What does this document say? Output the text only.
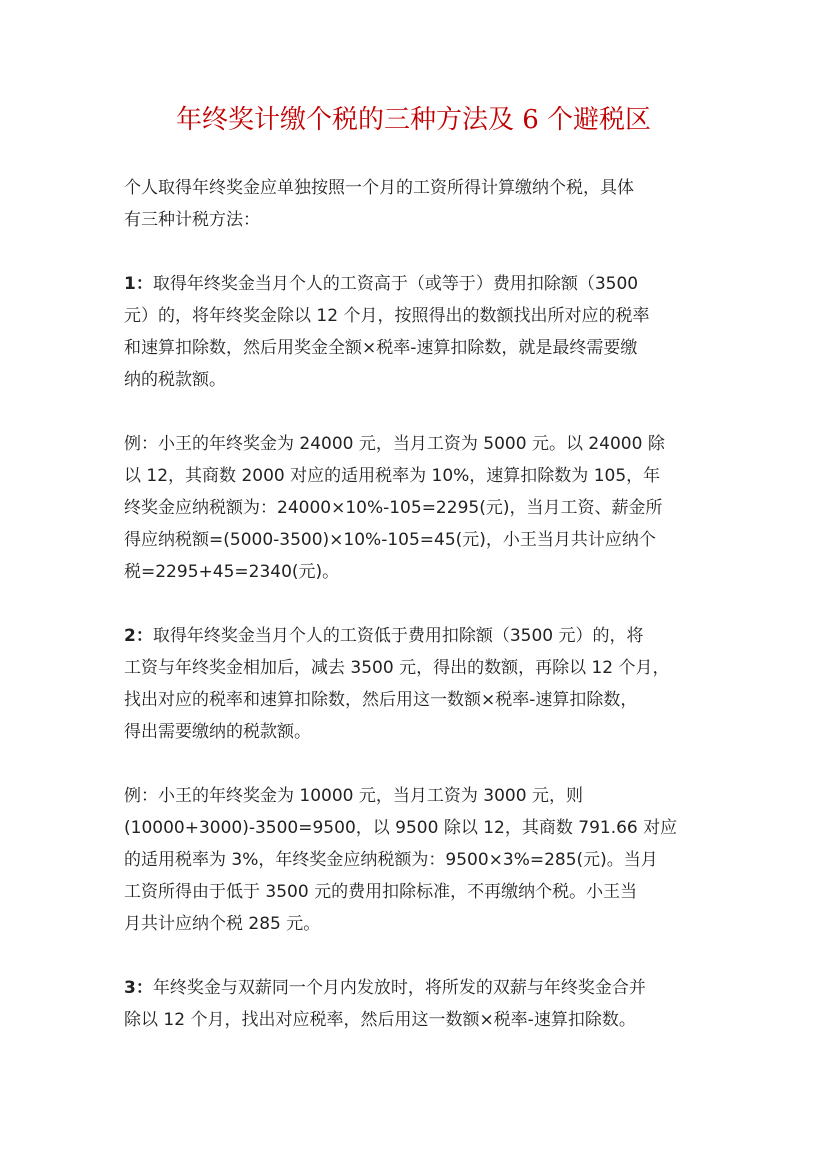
年终奖计缴个税的三种方法及 6 个避税区
个人取得年终奖金应单独按照一个月的工资所得计算缴纳个税，具体
有三种计税方法：
1：取得年终奖金当月个人的工资高于（或等于）费用扣除额（3500
元）的，将年终奖金除以 12 个月，按照得出的数额找出所对应的税率
和速算扣除数，然后用奖金全额×税率-速算扣除数，就是最终需要缴
纳的税款额。
例：小王的年终奖金为 24000 元，当月工资为 5000 元。以 24000 除
以 12，其商数 2000 对应的适用税率为 10%，速算扣除数为 105，年
终奖金应纳税额为：24000×10%-105=2295(元)，当月工资、薪金所
得应纳税额=(5000-3500)×10%-105=45(元)，小王当月共计应纳个
税=2295+45=2340(元)。
2：取得年终奖金当月个人的工资低于费用扣除额（3500 元）的，将
工资与年终奖金相加后，减去 3500 元，得出的数额，再除以 12 个月，
找出对应的税率和速算扣除数，然后用这一数额×税率-速算扣除数，
得出需要缴纳的税款额。
例：小王的年终奖金为 10000 元，当月工资为 3000 元，则
(10000+3000)-3500=9500，以 9500 除以 12，其商数 791.66 对应
的适用税率为 3%，年终奖金应纳税额为：9500×3%=285(元)。当月
工资所得由于低于 3500 元的费用扣除标准，不再缴纳个税。小王当
月共计应纳个税 285 元。
3：年终奖金与双薪同一个月内发放时，将所发的双薪与年终奖金合并
除以 12 个月，找出对应税率，然后用这一数额×税率-速算扣除数。
